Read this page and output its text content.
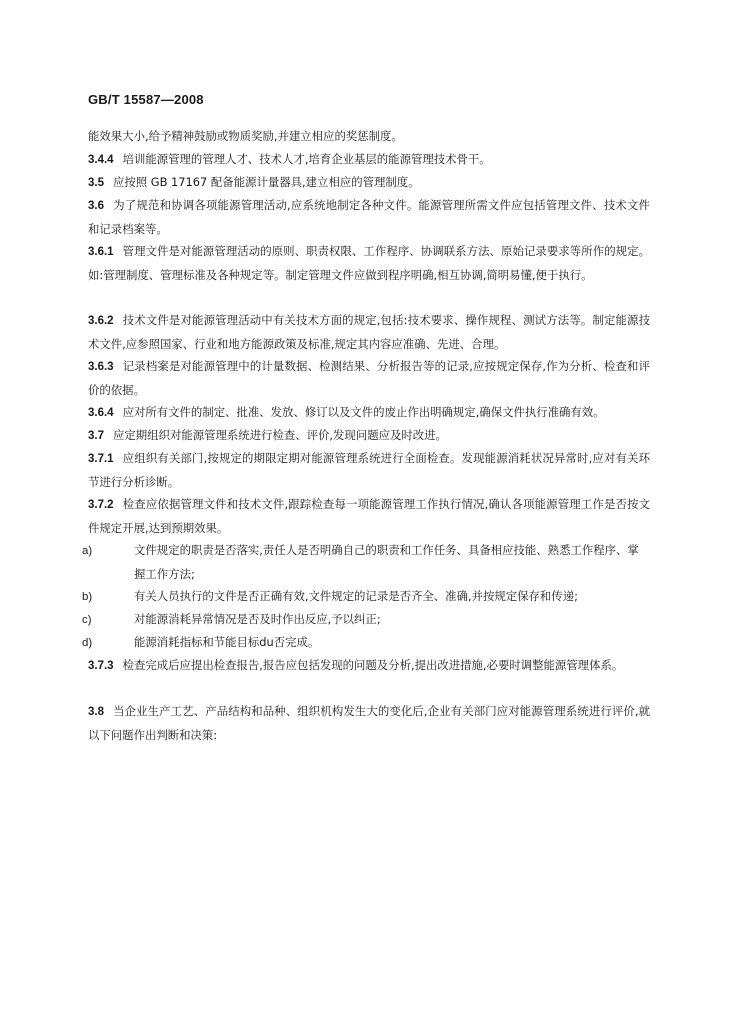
GB/T 15587—2008
能效果大小,给予精神鼓励或物质奖励,并建立相应的奖惩制度。
3.4.4 培训能源管理的管理人才、技术人才,培育企业基层的能源管理技术骨干。
3.5 应按照 GB 17167 配备能源计量器具,建立相应的管理制度。
3.6 为了规范和协调各项能源管理活动,应系统地制定各种文件。能源管理所需文件应包括管理文件、技术文件和记录档案等。
3.6.1 管理文件是对能源管理活动的原则、职责权限、工作程序、协调联系方法、原始记录要求等所作的规定。如:管理制度、管理标准及各种规定等。制定管理文件应做到程序明确,相互协调,简明易懂,便于执行。
3.6.2 技术文件是对能源管理活动中有关技术方面的规定,包括:技术要求、操作规程、测试方法等。制定能源技术文件,应参照国家、行业和地方能源政策及标准,规定其内容应准确、先进、合理。
3.6.3 记录档案是对能源管理中的计量数据、检测结果、分析报告等的记录,应按规定保存,作为分析、检查和评价的依据。
3.6.4 应对所有文件的制定、批准、发放、修订以及文件的废止作出明确规定,确保文件执行准确有效。
3.7 应定期组织对能源管理系统进行检查、评价,发现问题应及时改进。
3.7.1 应组织有关部门,按规定的期限定期对能源管理系统进行全面检查。发现能源消耗状况异常时,应对有关环节进行分析诊断。
3.7.2 检查应依据管理文件和技术文件,跟踪检查每一项能源管理工作执行情况,确认各项能源管理工作是否按文件规定开展,达到预期效果。
a)	文件规定的职责是否落实,责任人是否明确自己的职责和工作任务、具备相应技能、熟悉工作程序、掌握工作方法;
b)	有关人员执行的文件是否正确有效,文件规定的记录是否齐全、准确,并按规定保存和传递;
c)	对能源消耗异常情况是否及时作出反应,予以纠正;
d)	能源消耗指标和节能目标du否完成。
3.7.3 检查完成后应提出检查报告,报告应包括发现的问题及分析,提出改进措施,必要时调整能源管理体系。
3.8 当企业生产工艺、产品结构和品种、组织机构发生大的变化后,企业有关部门应对能源管理系统进行评价,就以下问题作出判断和决策:
